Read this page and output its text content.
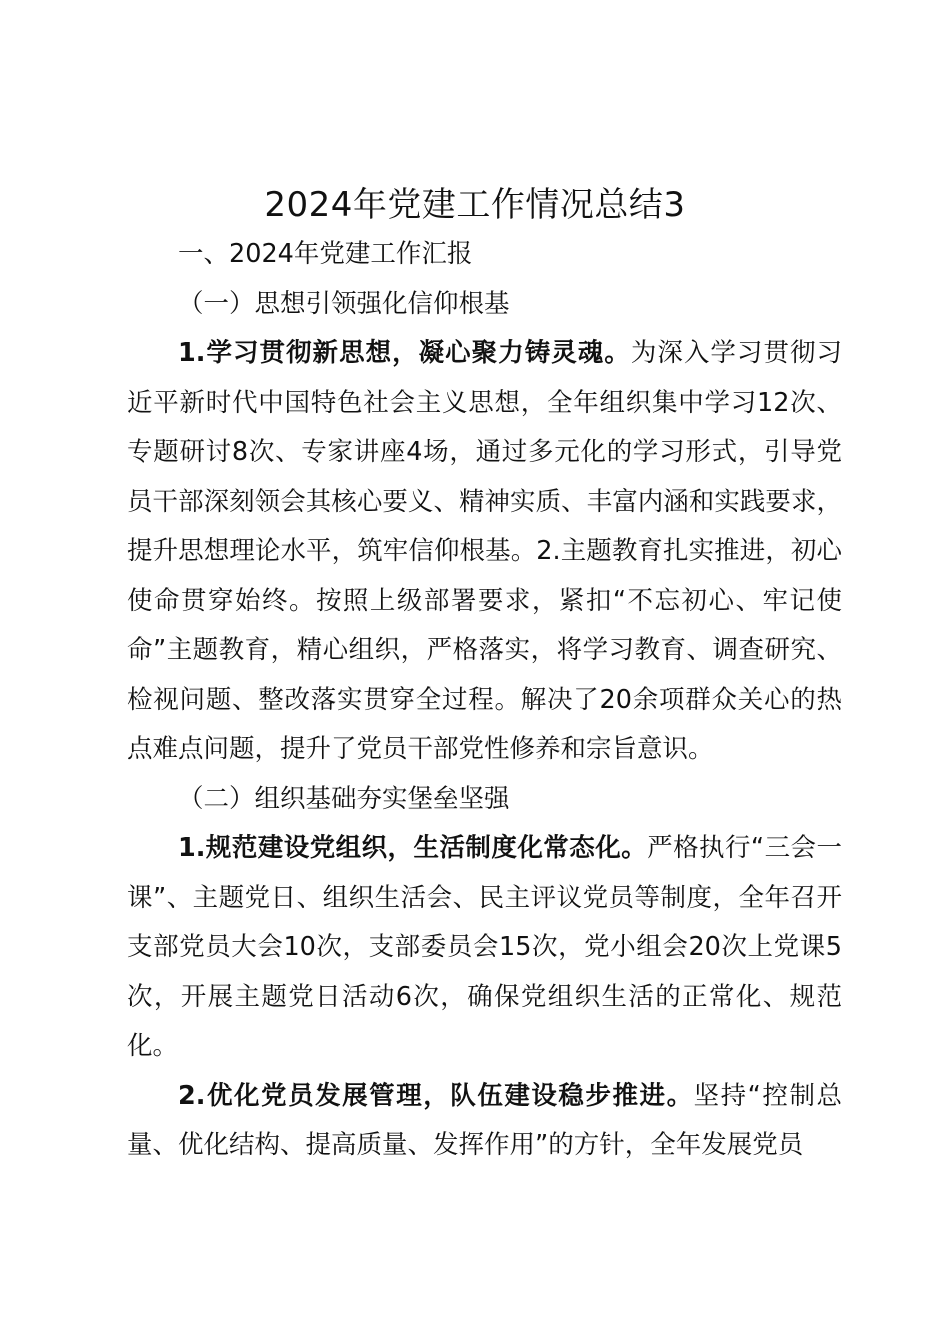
2024年党建工作情况总结3

一、2024年党建工作汇报

（一）思想引领强化信仰根基

1.学习贯彻新思想，凝心聚力铸灵魂。为深入学习贯彻习近平新时代中国特色社会主义思想，全年组织集中学习12次、专题研讨8次、专家讲座4场，通过多元化的学习形式，引导党员干部深刻领会其核心要义、精神实质、丰富内涵和实践要求，提升思想理论水平，筑牢信仰根基。2.主题教育扎实推进，初心使命贯穿始终。按照上级部署要求，紧扣“不忘初心、牢记使命”主题教育，精心组织，严格落实，将学习教育、调查研究、检视问题、整改落实贯穿全过程。解决了20余项群众关心的热点难点问题，提升了党员干部党性修养和宗旨意识。

（二）组织基础夯实堡垒坚强

1.规范建设党组织，生活制度化常态化。严格执行“三会一课”、主题党日、组织生活会、民主评议党员等制度，全年召开支部党员大会10次，支部委员会15次，党小组会20次上党课5次，开展主题党日活动6次，确保党组织生活的正常化、规范化。

2.优化党员发展管理，队伍建设稳步推进。坚持“控制总量、优化结构、提高质量、发挥作用”的方针，全年发展党员
